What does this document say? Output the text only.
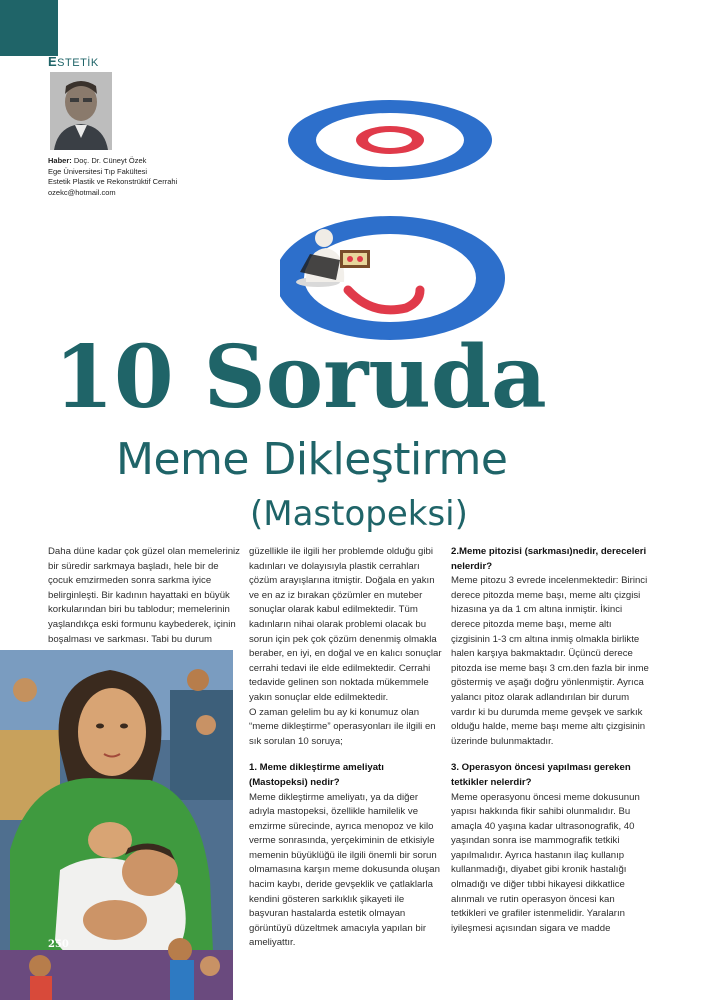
ESTETİK
Haber: Doç. Dr. Cüneyt Özek
Ege Üniversitesi Tıp Fakültesi
Estetik Plastik ve Rekonstrüktif Cerrahi
ozekc@hotmail.com
10 Soruda
Meme Dikleştirme
(Mastopeksi)

Daha düne kadar çok güzel olan memeleriniz bir süredir sarkmaya başladı, hele bir de çocuk emzirmeden sonra sarkma iyice belirginleşti. Bir kadının hayattaki en büyük korkularından biri bu tablodur; memelerinin yaşlandıkça eski formunu kaybederek, içinin boşalması ve sarkması. Tabi bu durum

250

güzellikle ile ilgili her problemde olduğu gibi kadınları ve dolayısıyla plastik cerrahları çözüm arayışlarına itmiştir. Doğala en yakın ve en az iz bırakan çözümler en muteber sonuçlar olarak kabul edilmektedir. Tüm kadınların nihai olarak problemi olacak bu sorun için pek çok çözüm denenmiş olmakla beraber, en iyi, en doğal ve en kalıcı sonuçlar cerrahi tedavi ile elde edilmektedir. Cerrahi tedavide gelinen son noktada mükemmele yakın sonuçlar elde edilmektedir.

O zaman gelelim bu ay ki konumuz olan “meme dikleştirme” operasyonları ile ilgili en sık sorulan 10 soruya;

1. Meme dikleştirme ameliyatı (Mastopeksi) nedir?

Meme dikleştirme ameliyatı, ya da diğer adıyla mastopeksi, özellikle hamilelik ve emzirme sürecinde, ayrıca menopoz ve kilo verme sonrasında, yerçekiminin de etkisiyle memenin büyüklüğü ile ilgili önemli bir sorun olmamasına karşın meme dokusunda oluşan hacim kaybı, deride gevşeklik ve çatlaklarla kendini gösteren sarkıklık şikayeti ile başvuran hastalarda estetik olmayan görüntüyü düzeltmek amacıyla yapılan bir ameliyattır.

2.Meme pitozisi (sarkması)nedir, dereceleri nelerdir?

Meme pitozu 3 evrede incelenmektedir: Birinci derece pitozda meme başı, meme altı çizgisi hizasına ya da 1 cm altına inmiştir. İkinci derece pitozda meme başı, meme altı çizgisinin 1-3 cm altına inmiş olmakla birlikte halen karşıya bakmaktadır. Üçüncü derece pitozda ise meme başı 3 cm.den fazla bir inme göstermiş ve aşağı doğru yönlenmiştir. Ayrıca yalancı pitoz olarak adlandırılan bir durum vardır ki bu durumda meme gevşek ve sarkık olduğu halde, meme başı meme altı çizgisinin üzerinde bulunmaktadır.

3. Operasyon öncesi yapılması gereken tetkikler nelerdir?

Meme operasyonu öncesi meme dokusunun yapısı hakkında fikir sahibi olunmalıdır. Bu amaçla 40 yaşına kadar ultrasonografik, 40 yaşından sonra ise mammografik tetkiki yapılmalıdır. Ayrıca hastanın ilaç kullanıp kullanmadığı, diyabet gibi kronik hastalığı olmadığı ve diğer tıbbi hikayesi dikkatlice alınmalı ve rutin operasyon öncesi kan tetkikleri ve grafiler istenmelidir. Yaraların iyileşmesi açısından sigara ve madde
